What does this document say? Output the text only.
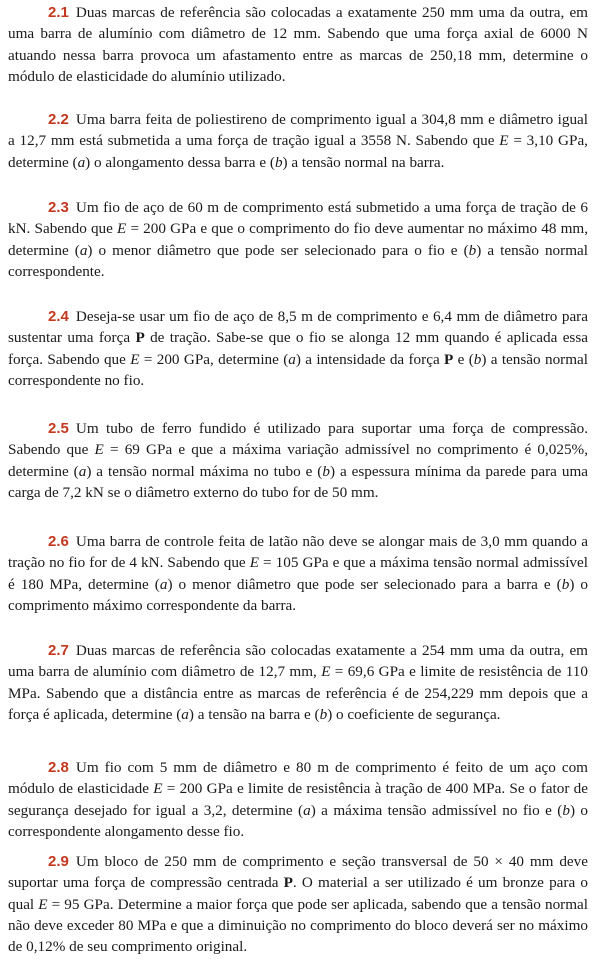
2.1 Duas marcas de referência são colocadas a exatamente 250 mm uma da outra, em uma barra de alumínio com diâmetro de 12 mm. Sabendo que uma força axial de 6000 N atuando nessa barra provoca um afastamento entre as marcas de 250,18 mm, determine o módulo de elasticidade do alumínio utilizado.
2.2 Uma barra feita de poliestireno de comprimento igual a 304,8 mm e diâmetro igual a 12,7 mm está submetida a uma força de tração igual a 3558 N. Sabendo que E = 3,10 GPa, determine (a) o alongamento dessa barra e (b) a tensão normal na barra.
2.3 Um fio de aço de 60 m de comprimento está submetido a uma força de tração de 6 kN. Sabendo que E = 200 GPa e que o comprimento do fio deve aumentar no máximo 48 mm, determine (a) o menor diâmetro que pode ser selecionado para o fio e (b) a tensão normal correspondente.
2.4 Deseja-se usar um fio de aço de 8,5 m de comprimento e 6,4 mm de diâmetro para sustentar uma força P de tração. Sabe-se que o fio se alonga 12 mm quando é aplicada essa força. Sabendo que E = 200 GPa, determine (a) a intensidade da força P e (b) a tensão normal correspondente no fio.
2.5 Um tubo de ferro fundido é utilizado para suportar uma força de compressão. Sabendo que E = 69 GPa e que a máxima variação admissível no comprimento é 0,025%, determine (a) a tensão normal máxima no tubo e (b) a espessura mínima da parede para uma carga de 7,2 kN se o diâmetro externo do tubo for de 50 mm.
2.6 Uma barra de controle feita de latão não deve se alongar mais de 3,0 mm quando a tração no fio for de 4 kN. Sabendo que E = 105 GPa e que a máxima tensão normal admissível é 180 MPa, determine (a) o menor diâmetro que pode ser selecionado para a barra e (b) o comprimento máximo correspondente da barra.
2.7 Duas marcas de referência são colocadas exatamente a 254 mm uma da outra, em uma barra de alumínio com diâmetro de 12,7 mm, E = 69,6 GPa e limite de resistência de 110 MPa. Sabendo que a distância entre as marcas de referência é de 254,229 mm depois que a força é aplicada, determine (a) a tensão na barra e (b) o coeficiente de segurança.
2.8 Um fio com 5 mm de diâmetro e 80 m de comprimento é feito de um aço com módulo de elasticidade E = 200 GPa e limite de resistência à tração de 400 MPa. Se o fator de segurança desejado for igual a 3,2, determine (a) a máxima tensão admissível no fio e (b) o correspondente alongamento desse fio.
2.9 Um bloco de 250 mm de comprimento e seção transversal de 50 × 40 mm deve suportar uma força de compressão centrada P. O material a ser utilizado é um bronze para o qual E = 95 GPa. Determine a maior força que pode ser aplicada, sabendo que a tensão normal não deve exceder 80 MPa e que a diminuição no comprimento do bloco deverá ser no máximo de 0,12% de seu comprimento original.
